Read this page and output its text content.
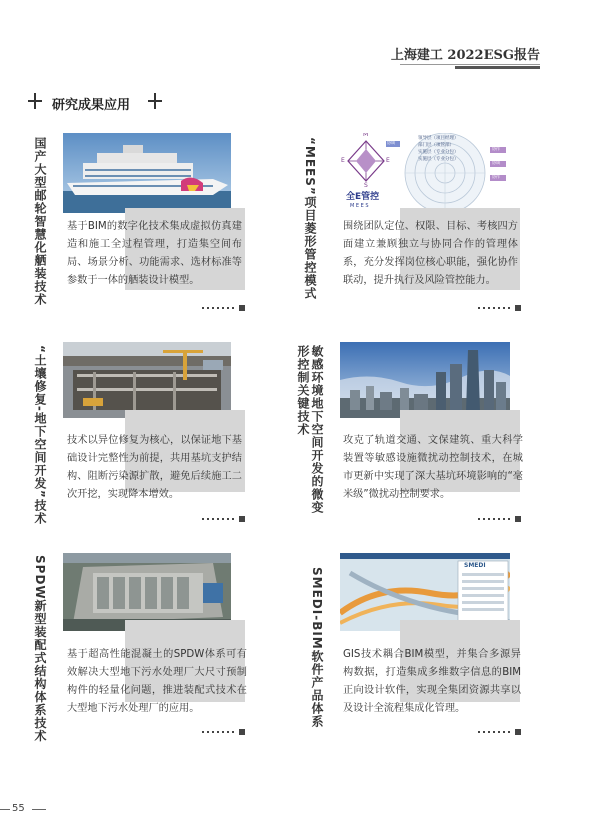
上海建工 2022ESG报告
研究成果应用
国产大型邮轮智慧化舾装技术 基于BIM的数字化技术集成虚拟仿真建造和施工全过程管理，打造集空间布局、场景分析、功能需求、选材标准等参数于一体的舾装设计模型。	“MEES”项目菱形管控模式
M
E	E
S
全E管控
M E E S
领导层（项目经理）
部门层（项管部）
实施层（专业分包）
实施层（专业分包）
协调
协作
协调
协作
围绕团队定位、权限、目标、考核四方面建立兼顾独立与协同合作的管理体系，充分发挥岗位核心职能，强化协作联动，提升执行及风险管控能力。
“土壤修复-地下空间开发”技术 技术以异位修复为核心，以保证地下基础设计完整性为前提，共用基坑支护结构、阻断污染源扩散，避免后续施工二次开挖，实现降本增效。	敏感环境地下空间开发的微变形控制关键技术
攻克了轨道交通、文保建筑、重大科学装置等敏感设施微扰动控制技术，在城市更新中实现了深大基坑环境影响的“毫米级”微扰动控制要求。
SPDW新型装配式结构体系技术 基于超高性能混凝土的SPDW体系可有效解决大型地下污水处理厂大尺寸预制构件的轻量化问题，推进装配式技术在大型地下污水处理厂的应用。	SMEDI-BIM软件产品体系
SMEDI
GIS技术耦合BIM模型，并集合多源异构数据，打造集成多维数字信息的BIM正向设计软件，实现全集团资源共享以及设计全流程集成化管理。
55
